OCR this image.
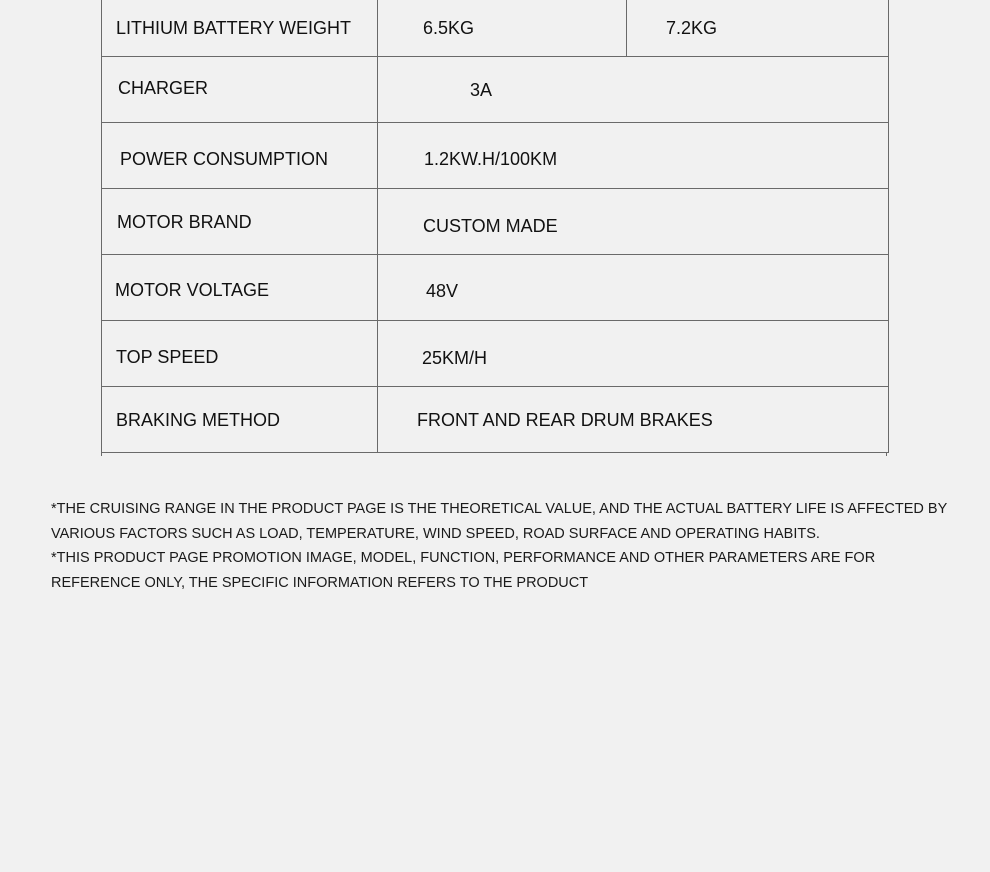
LITHIUM BATTERY WEIGHT	6.5KG	7.2KG
CHARGER	3A
POWER CONSUMPTION	1.2KW.H/100KM
MOTOR BRAND	CUSTOM MADE
MOTOR VOLTAGE	48V
TOP SPEED	25KM/H
BRAKING METHOD	FRONT AND REAR DRUM BRAKES

*THE CRUISING RANGE IN THE PRODUCT PAGE IS THE THEORETICAL VALUE, AND THE ACTUAL BATTERY LIFE IS AFFECTED BY VARIOUS FACTORS SUCH AS LOAD, TEMPERATURE, WIND SPEED, ROAD SURFACE AND OPERATING HABITS.

*THIS PRODUCT PAGE PROMOTION IMAGE, MODEL, FUNCTION, PERFORMANCE AND OTHER PARAMETERS ARE FOR REFERENCE ONLY, THE SPECIFIC INFORMATION REFERS TO THE PRODUCT
